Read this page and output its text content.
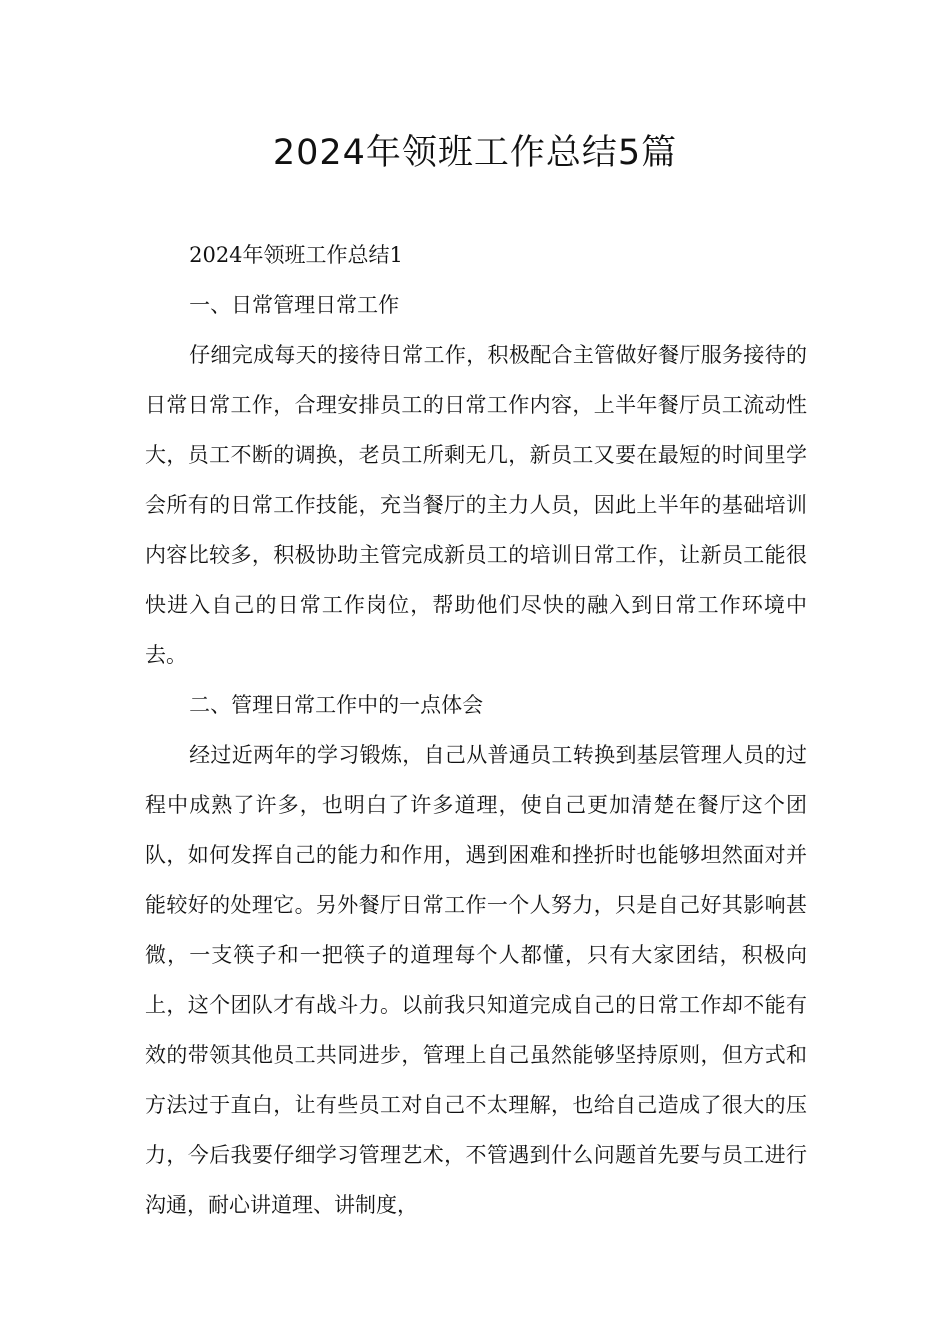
2024年领班工作总结5篇

2024年领班工作总结1

一、日常管理日常工作

仔细完成每天的接待日常工作，积极配合主管做好餐厅服务接待的日常日常工作，合理安排员工的日常工作内容，上半年餐厅员工流动性大，员工不断的调换，老员工所剩无几，新员工又要在最短的时间里学会所有的日常工作技能，充当餐厅的主力人员，因此上半年的基础培训内容比较多，积极协助主管完成新员工的培训日常工作，让新员工能很快进入自己的日常工作岗位，帮助他们尽快的融入到日常工作环境中去。

二、管理日常工作中的一点体会

经过近两年的学习锻炼，自己从普通员工转换到基层管理人员的过程中成熟了许多，也明白了许多道理，使自己更加清楚在餐厅这个团队，如何发挥自己的能力和作用，遇到困难和挫折时也能够坦然面对并能较好的处理它。另外餐厅日常工作一个人努力，只是自己好其影响甚微，一支筷子和一把筷子的道理每个人都懂，只有大家团结，积极向上，这个团队才有战斗力。以前我只知道完成自己的日常工作却不能有效的带领其他员工共同进步，管理上自己虽然能够坚持原则，但方式和方法过于直白，让有些员工对自己不太理解，也给自己造成了很大的压力，今后我要仔细学习管理艺术，不管遇到什么问题首先要与员工进行沟通，耐心讲道理、讲制度，
